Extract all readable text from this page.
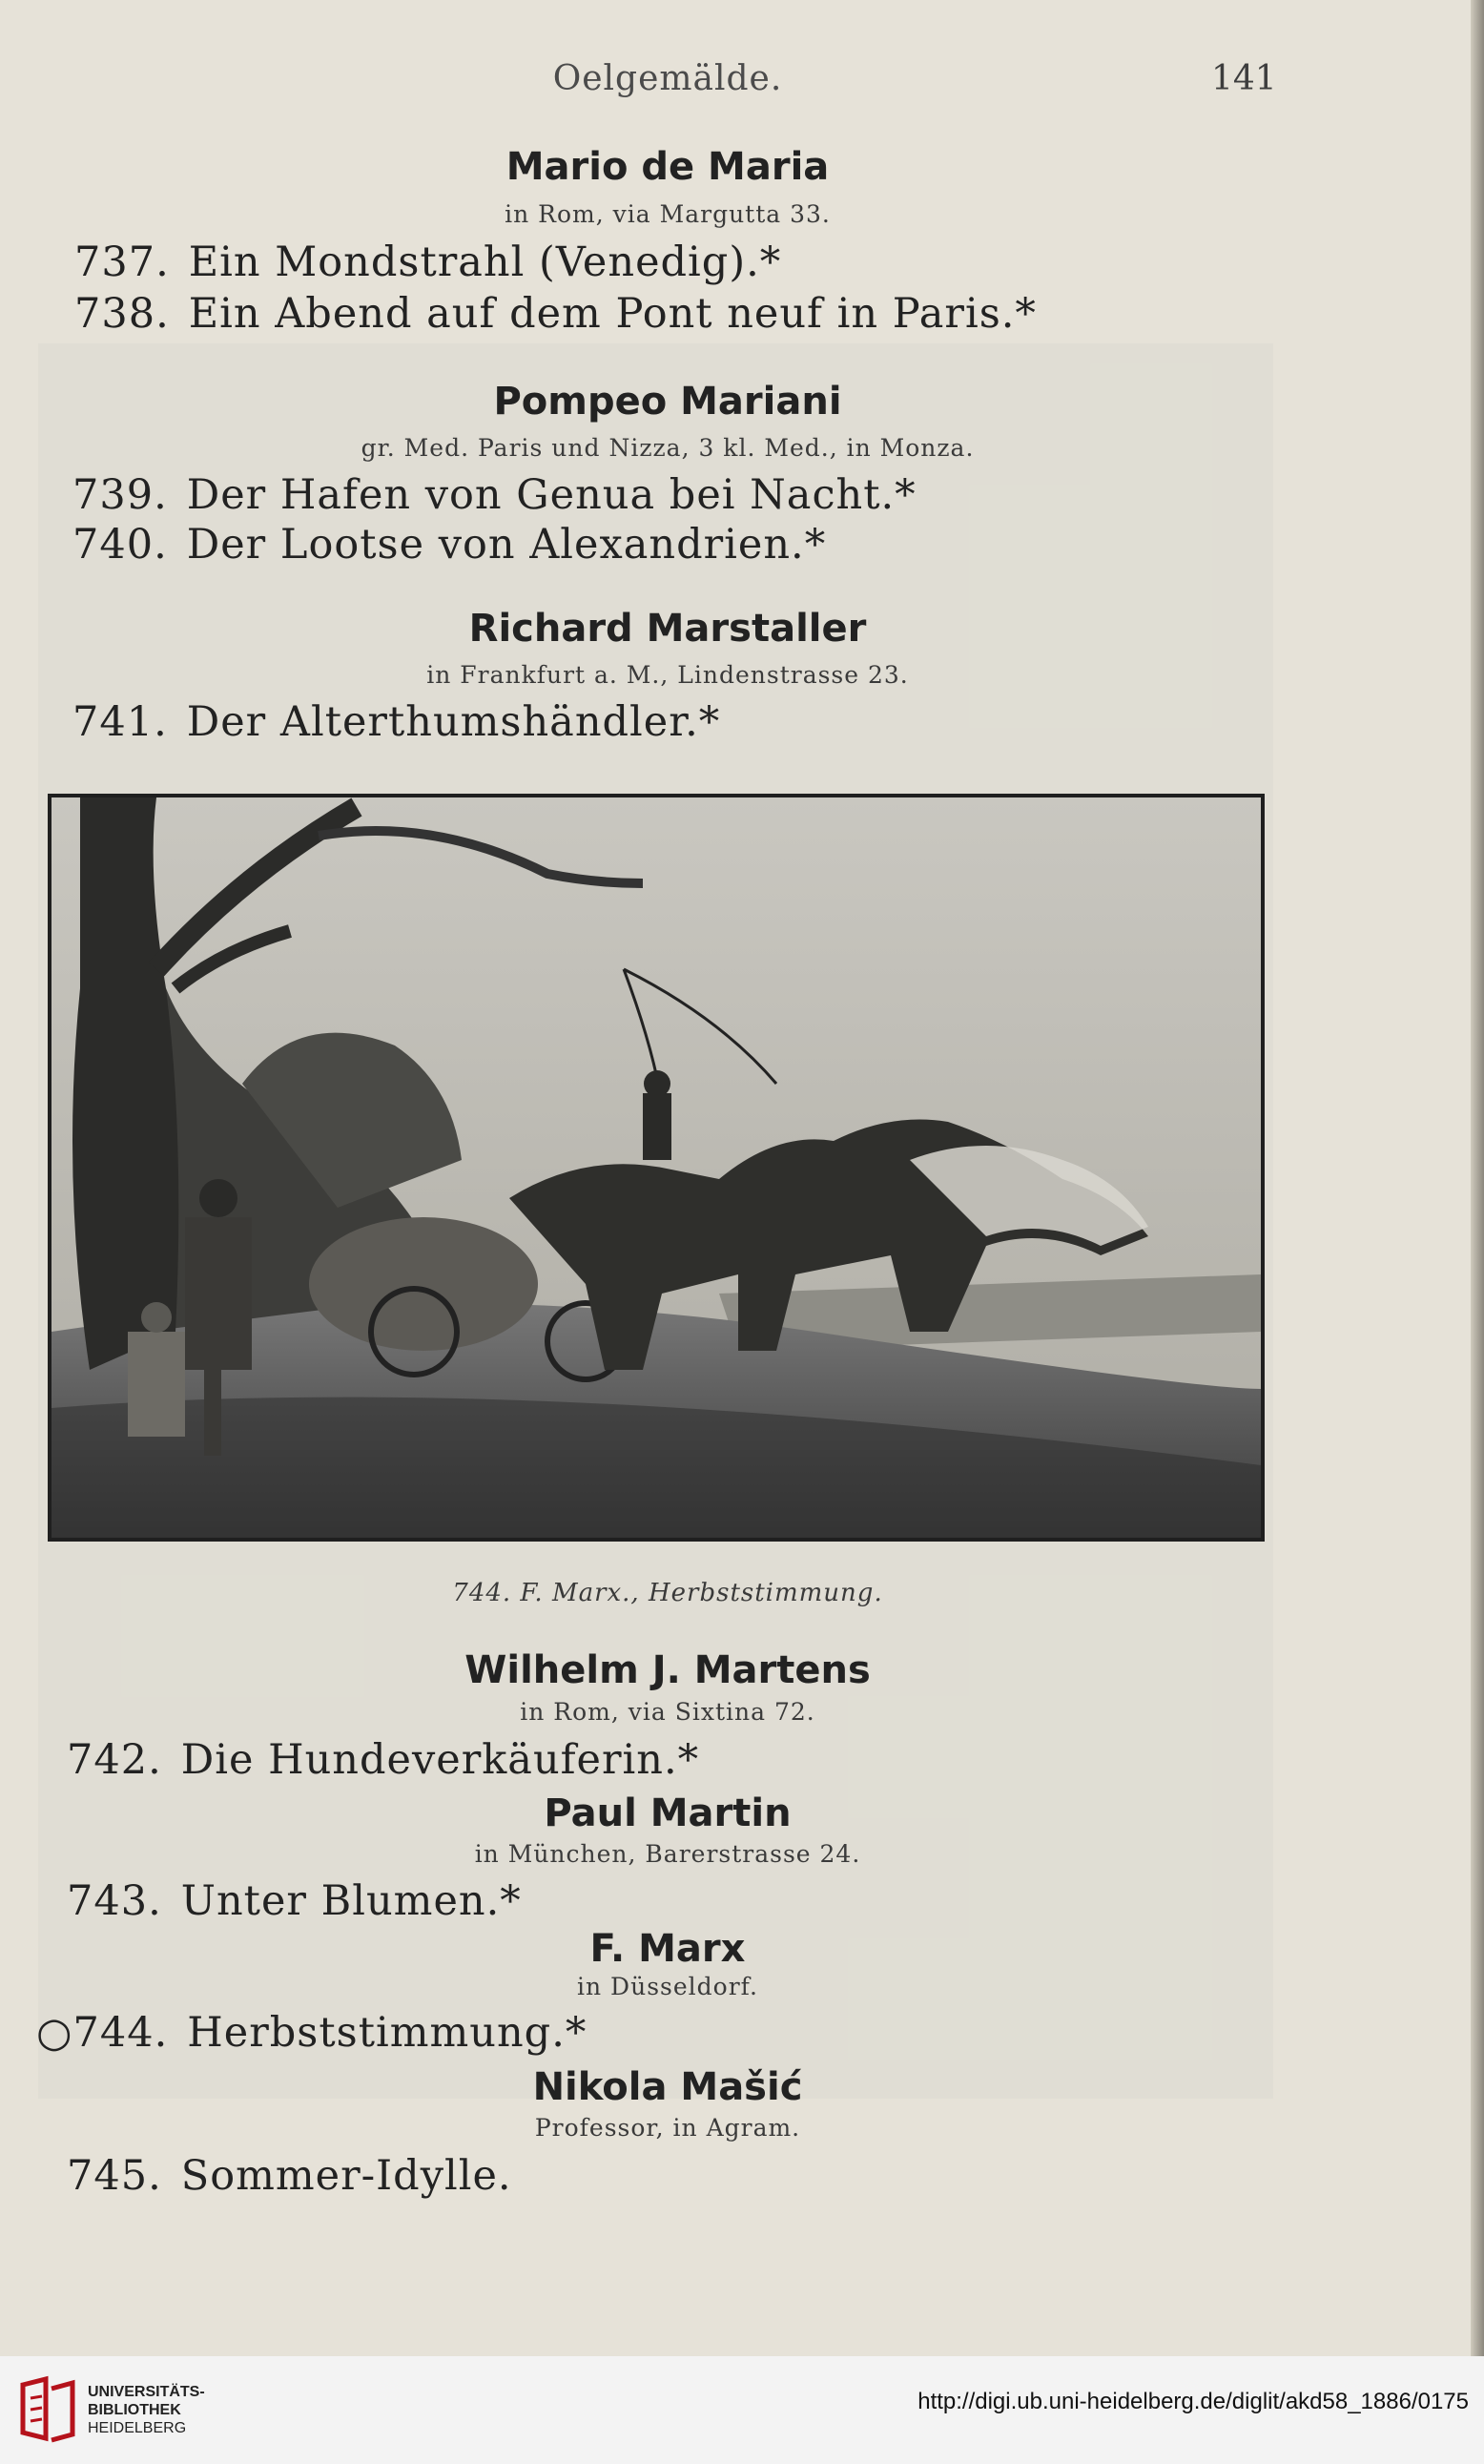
Oelgemälde.	141
Mario de Maria
in Rom, via Margutta 33.
737. Ein Mondstrahl (Venedig).*
738. Ein Abend auf dem Pont neuf in Paris.*
Pompeo Mariani
gr. Med. Paris und Nizza, 3 kl. Med., in Monza.
739. Der Hafen von Genua bei Nacht.*
740. Der Lootse von Alexandrien.*
Richard Marstaller
in Frankfurt a. M., Lindenstrasse 23.
741. Der Alterthumshändler.*
744. F. Marx., Herbststimmung.
Wilhelm J. Martens
in Rom, via Sixtina 72.
742. Die Hundeverkäuferin.*
Paul Martin
in München, Barerstrasse 24.
743. Unter Blumen.*
F. Marx
in Düsseldorf.
○744. Herbststimmung.*
Nikola Mašić
Professor, in Agram.
745. Sommer-Idylle.
UNIVERSITÄTS-
BIBLIOTHEK
HEIDELBERG
http://digi.ub.uni-heidelberg.de/diglit/akd58_1886/0175
